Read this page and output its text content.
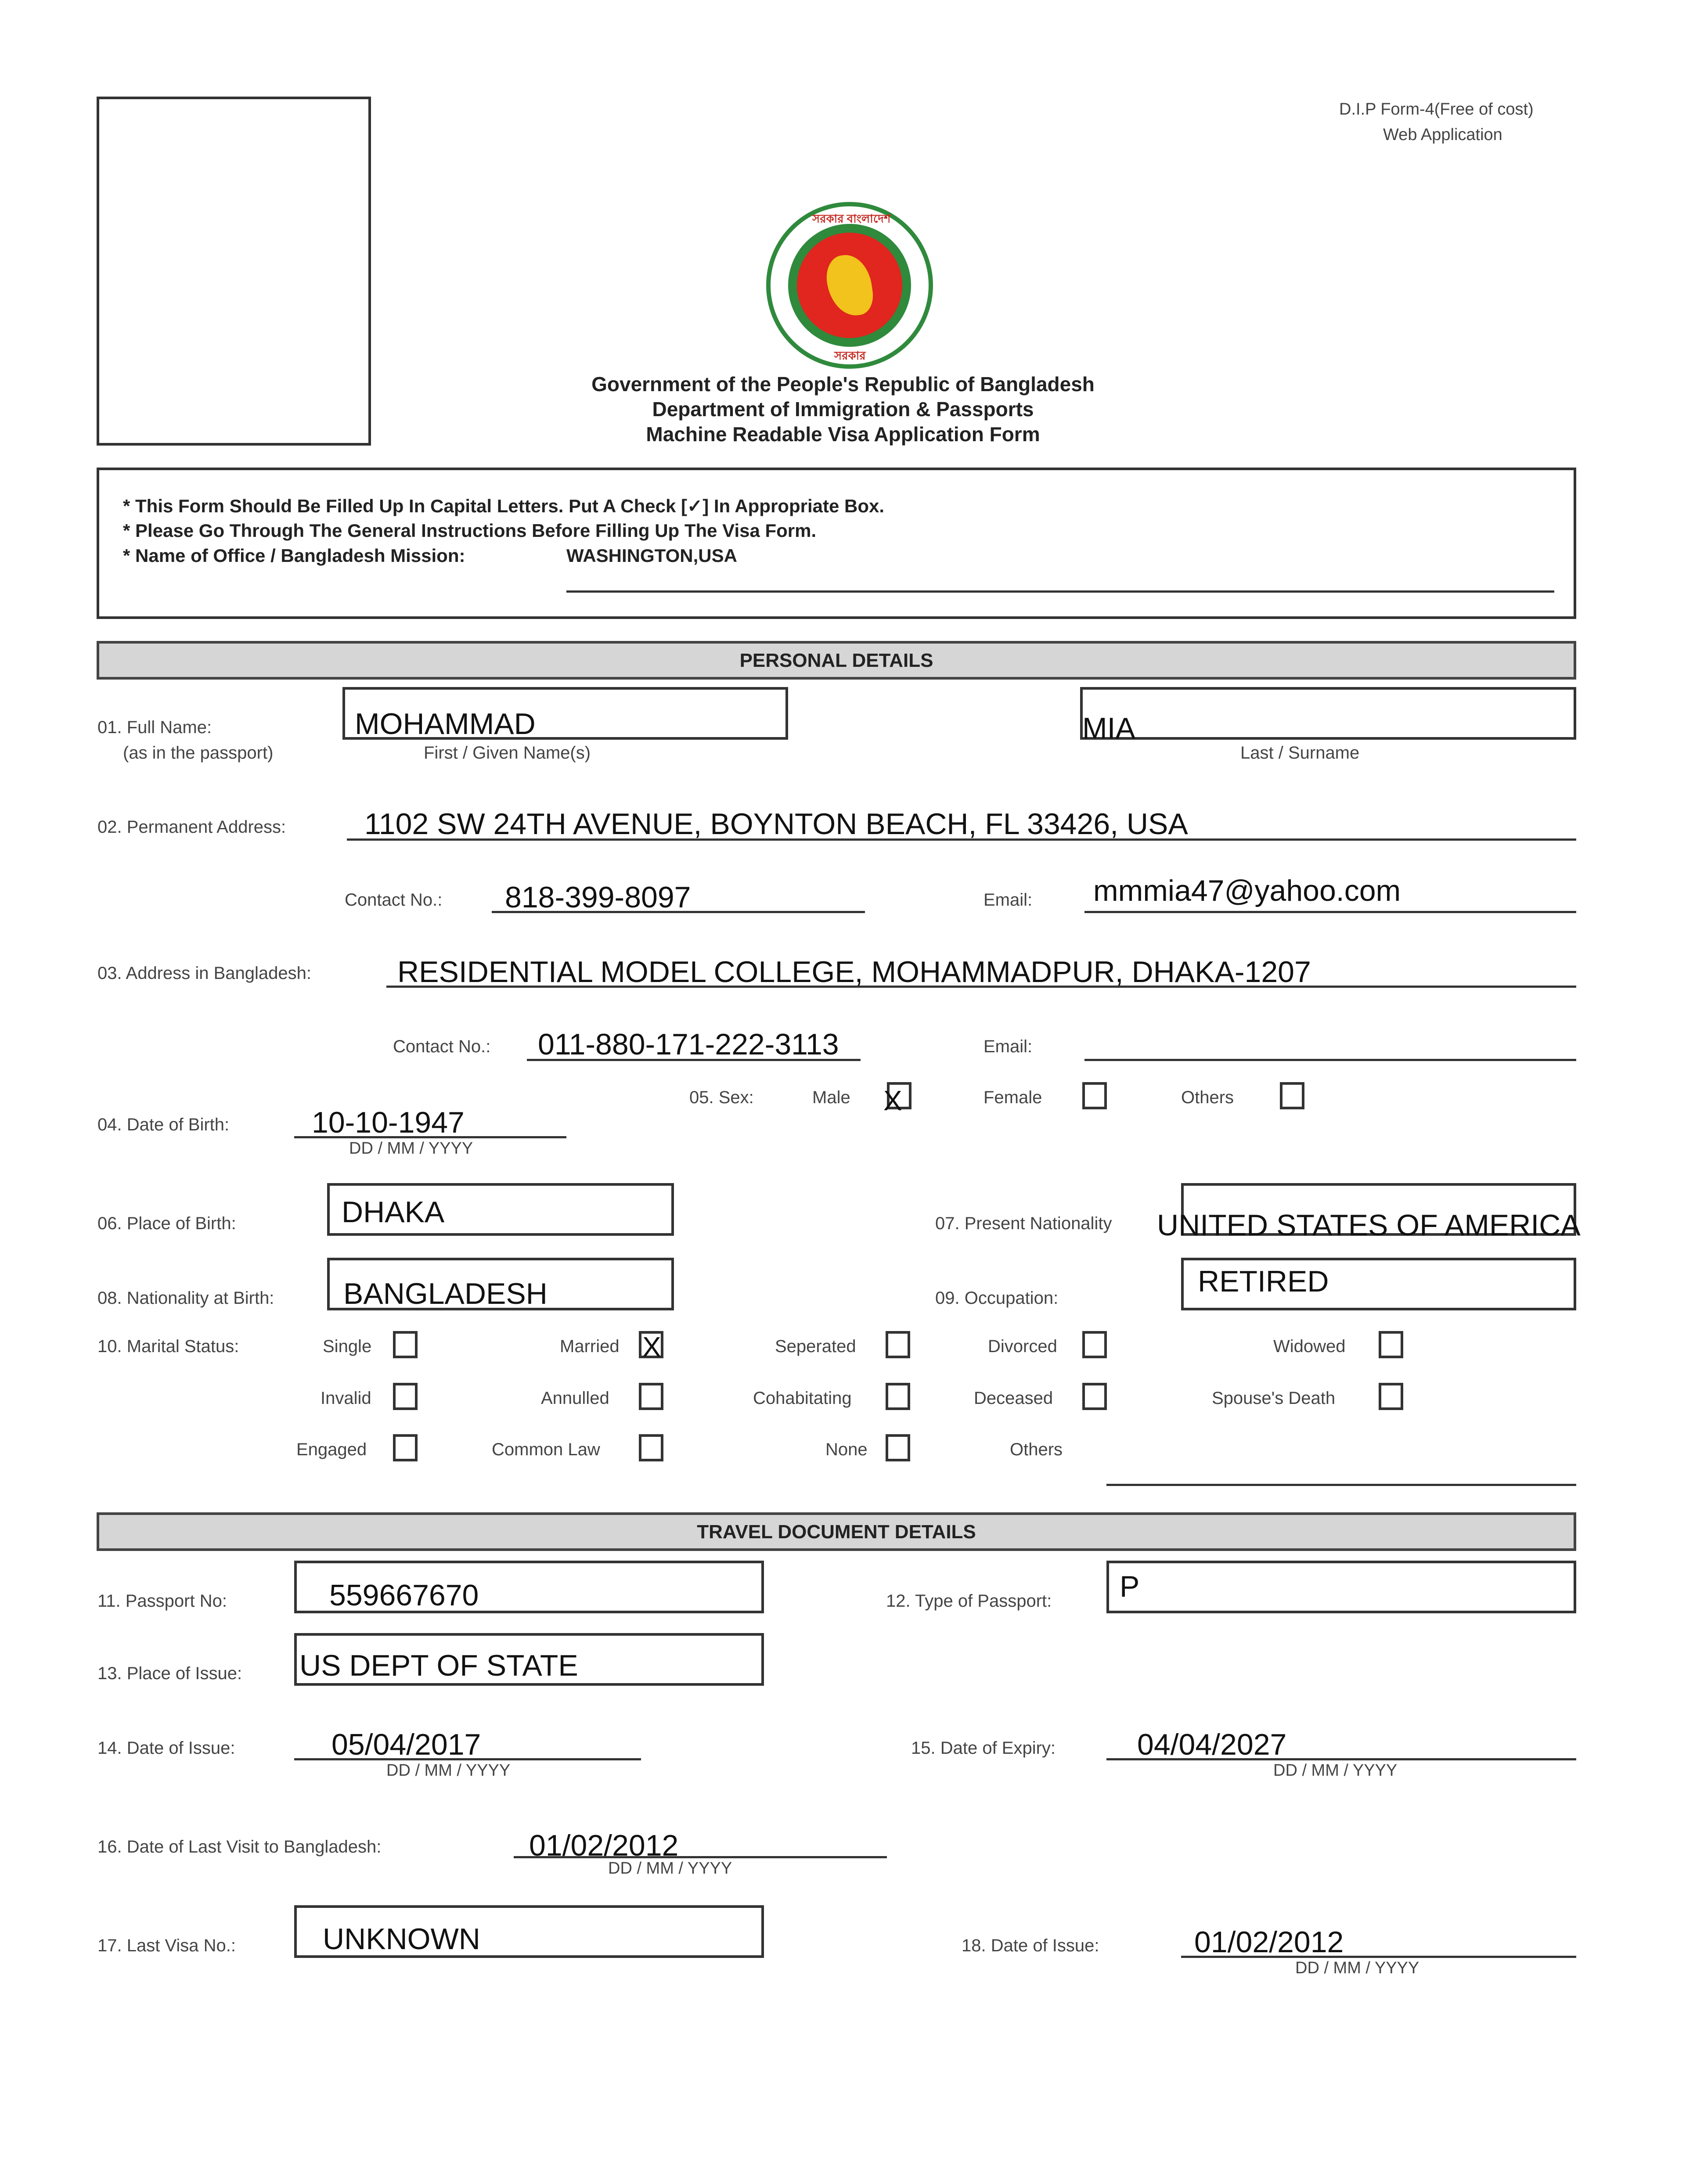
D.I.P Form-4(Free of cost)
Web Application
সরকার বাংলাদেশ
সরকার
Government of the People's Republic of Bangladesh
Department of Immigration & Passports
Machine Readable Visa Application Form
* This Form Should Be Filled Up In Capital Letters. Put A Check [✓] In Appropriate Box.
* Please Go Through The General Instructions Before Filling Up The Visa Form.
* Name of Office / Bangladesh Mission:	WASHINGTON,USA
PERSONAL DETAILS
01. Full Name:
(as in the passport)
MOHAMMAD
First / Given Name(s)
MIA
Last / Surname
02. Permanent Address:	1102 SW 24TH AVENUE, BOYNTON BEACH, FL 33426, USA
Contact No.: 818-399-8097	Email: mmmia47@yahoo.com
03. Address in Bangladesh:	RESIDENTIAL MODEL COLLEGE, MOHAMMADPUR, DHAKA-1207
Contact No.: 011-880-171-222-3113	Email:
04. Date of Birth:	10-10-1947
DD / MM / YYYY
05. Sex:	Male X	Female	Others
06. Place of Birth:	DHAKA	07. Present Nationality UNITED STATES OF AMERICA
08. Nationality at Birth: BANGLADESH	09. Occupation:	RETIRED
10. Marital Status:	Single	Married X	Seperated	Divorced	Widowed
Invalid	Annulled	Cohabitating	Deceased	Spouse's Death
Engaged	Common Law	None	Others
TRAVEL DOCUMENT DETAILS
11. Passport No:	559667670	12. Type of Passport: P
13. Place of Issue: US DEPT OF STATE
14. Date of Issue:	05/04/2017
DD / MM / YYYY
15. Date of Expiry:	04/04/2027
DD / MM / YYYY
16. Date of Last Visit to Bangladesh:	01/02/2012
DD / MM / YYYY
17. Last Visa No.:	UNKNOWN	18. Date of Issue:	01/02/2012
DD / MM / YYYY
